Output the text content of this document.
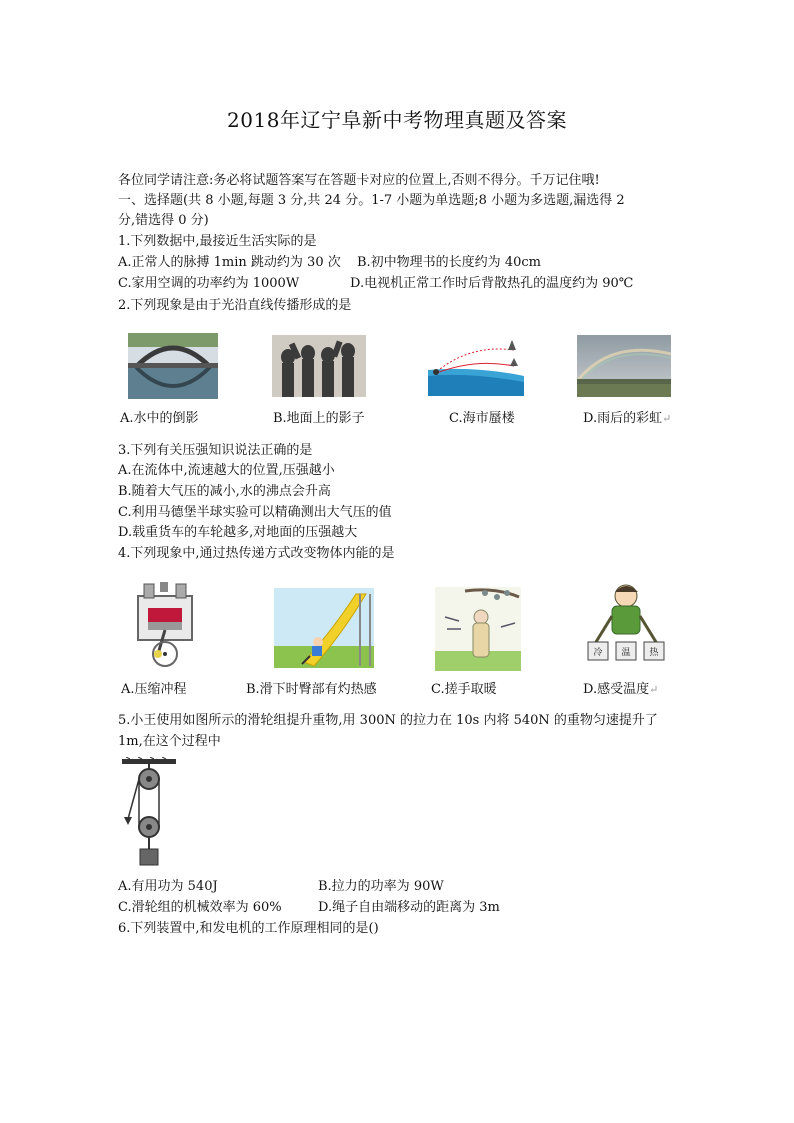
2018年辽宁阜新中考物理真题及答案
各位同学请注意:务必将试题答案写在答题卡对应的位置上,否则不得分。千万记住哦!
一、选择题(共 8 小题,每题 3 分,共 24 分。1-7 小题为单选题;8 小题为多选题,漏选得 2
分,错选得 0 分)
1.下列数据中,最接近生活实际的是
A.正常人的脉搏 1min 跳动约为 30 次 B.初中物理书的长度约为 40cm
C.家用空调的功率约为 1000W	D.电视机正常工作时后背散热孔的温度约为 90℃
2.下列现象是由于光沿直线传播形成的是
A.水中的倒影	B.地面上的影子	C.海市蜃楼	D.雨后的彩虹↵
3.下列有关压强知识说法正确的是
A.在流体中,流速越大的位置,压强越小
B.随着大气压的减小,水的沸点会升高
C.利用马德堡半球实验可以精确测出大气压的值
D.载重货车的车轮越多,对地面的压强越大
4.下列现象中,通过热传递方式改变物体内能的是
冷 温 热
A.压缩冲程	B.滑下时臀部有灼热感	C.搓手取暖	D.感受温度↵
5.小王使用如图所示的滑轮组提升重物,用 300N 的拉力在 10s 内将 540N 的重物匀速提升了
1m,在这个过程中
A.有用功为 540J	B.拉力的功率为 90W
C.滑轮组的机械效率为 60%	D.绳子自由端移动的距离为 3m
6.下列装置中,和发电机的工作原理相同的是()
